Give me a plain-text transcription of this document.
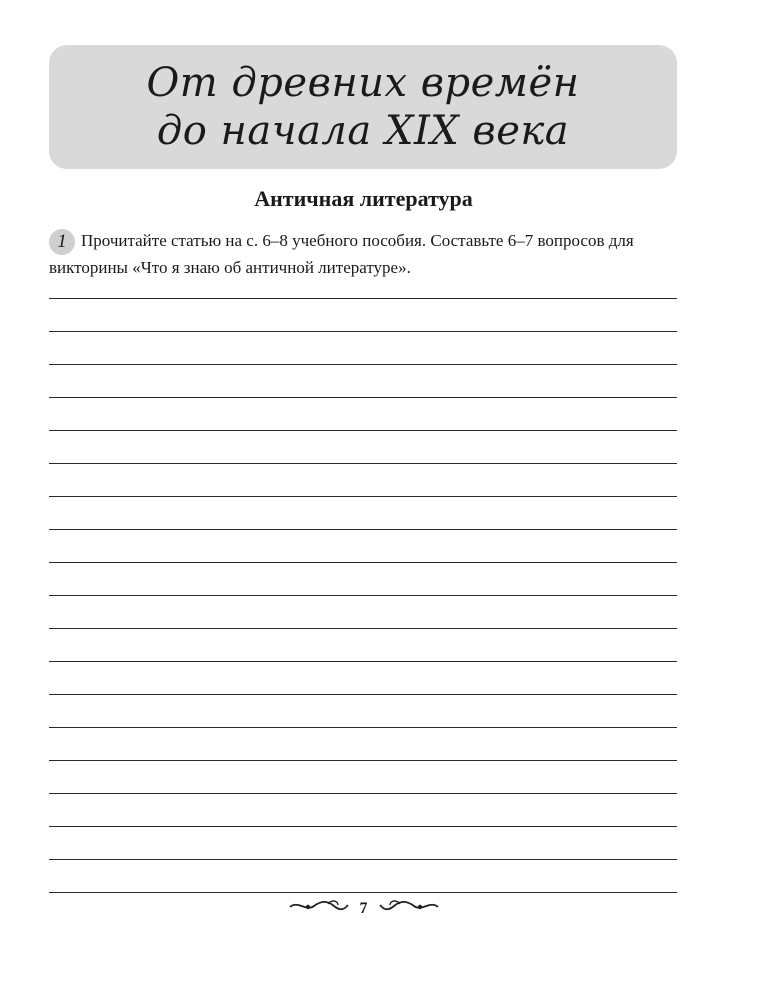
От древних времён
до начала XIX века
Античная литература
1 Прочитайте статью на с. 6–8 учебного пособия. Составьте 6–7 вопросов для викторины «Что я знаю об античной литературе».
7
